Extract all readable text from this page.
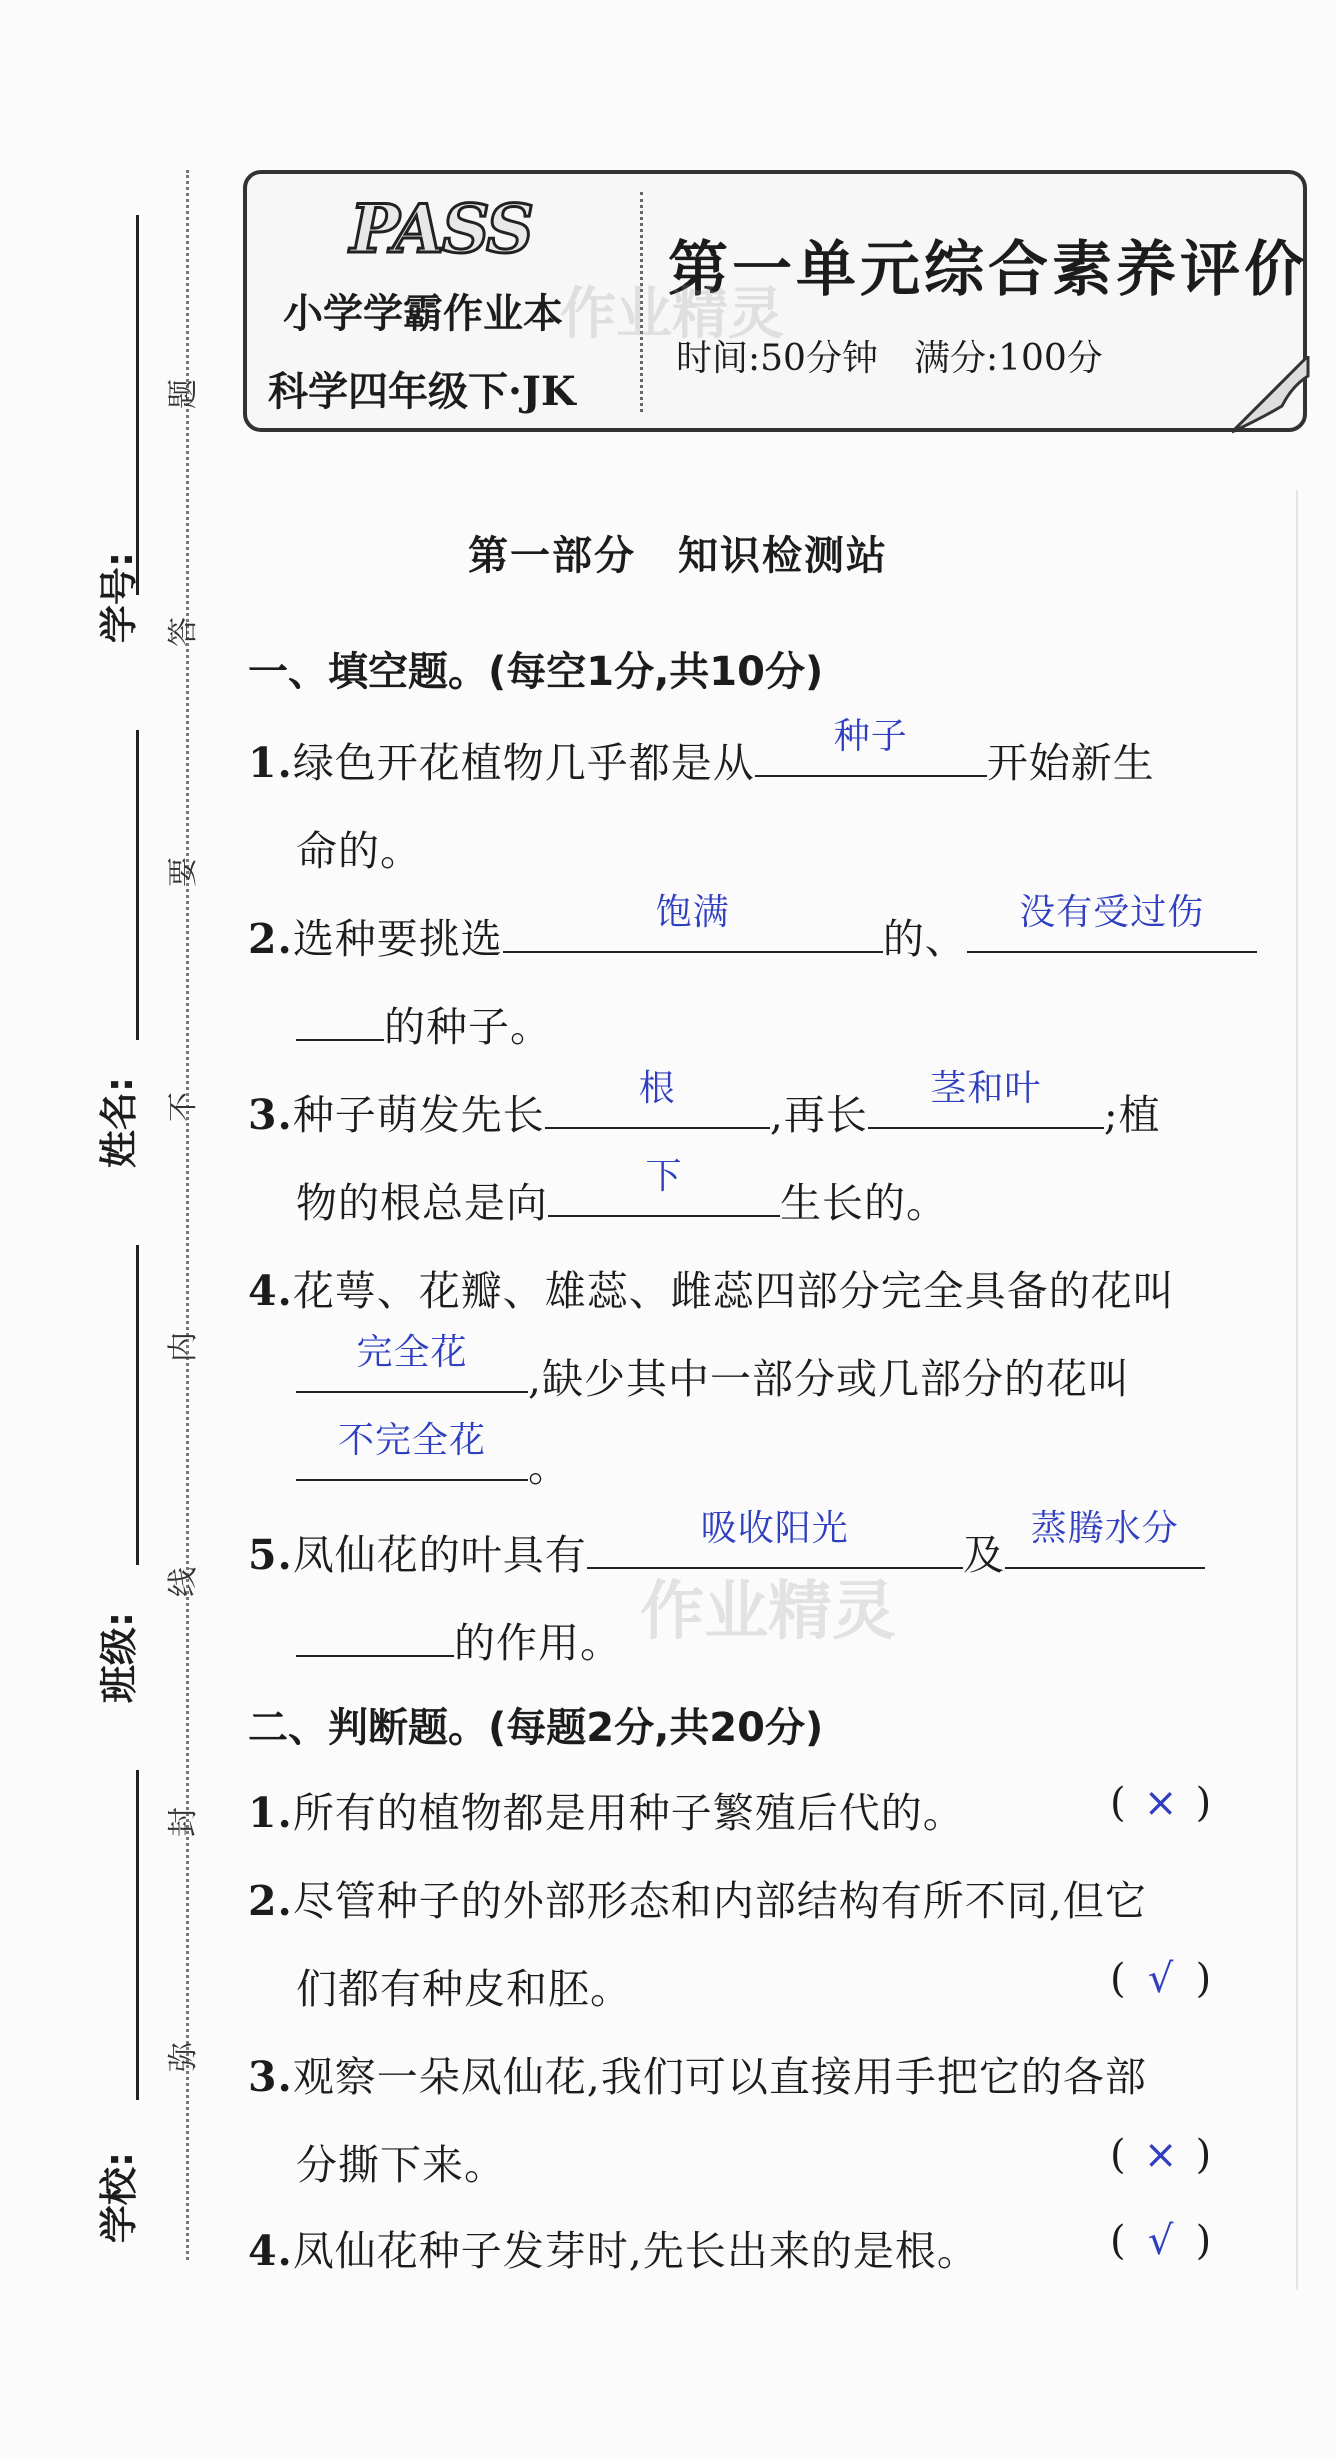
学号:
姓名:
班级:
学校:
题
答
要
不
内
线
封
弥
PASS
小学学霸作业本
科学四年级下·JK
第一单元综合素养评价
时间:50分钟　满分:100分
作业精灵
作业精灵
第一部分　知识检测站
一、填空题。(每空1分,共10分)
1.绿色开花植物几乎都是从
种子
开始新生
命的。
2.选种要挑选
饱满
的、
没有受过伤
的种子。
3.种子萌发先长
根
,再长
茎和叶
;植
物的根总是向
下
生长的。
4.花萼、花瓣、雄蕊、雌蕊四部分完全具备的花叫
完全花
,缺少其中一部分或几部分的花叫
不完全花
。
5.凤仙花的叶具有
吸收阳光
及
蒸腾水分
的作用。
二、判断题。(每题2分,共20分)
1.所有的植物都是用种子繁殖后代的。	( × )
2.尽管种子的外部形态和内部结构有所不同,但它
们都有种皮和胚。	( √ )
3.观察一朵凤仙花,我们可以直接用手把它的各部
分撕下来。	( × )
4.凤仙花种子发芽时,先长出来的是根。	( √ )
